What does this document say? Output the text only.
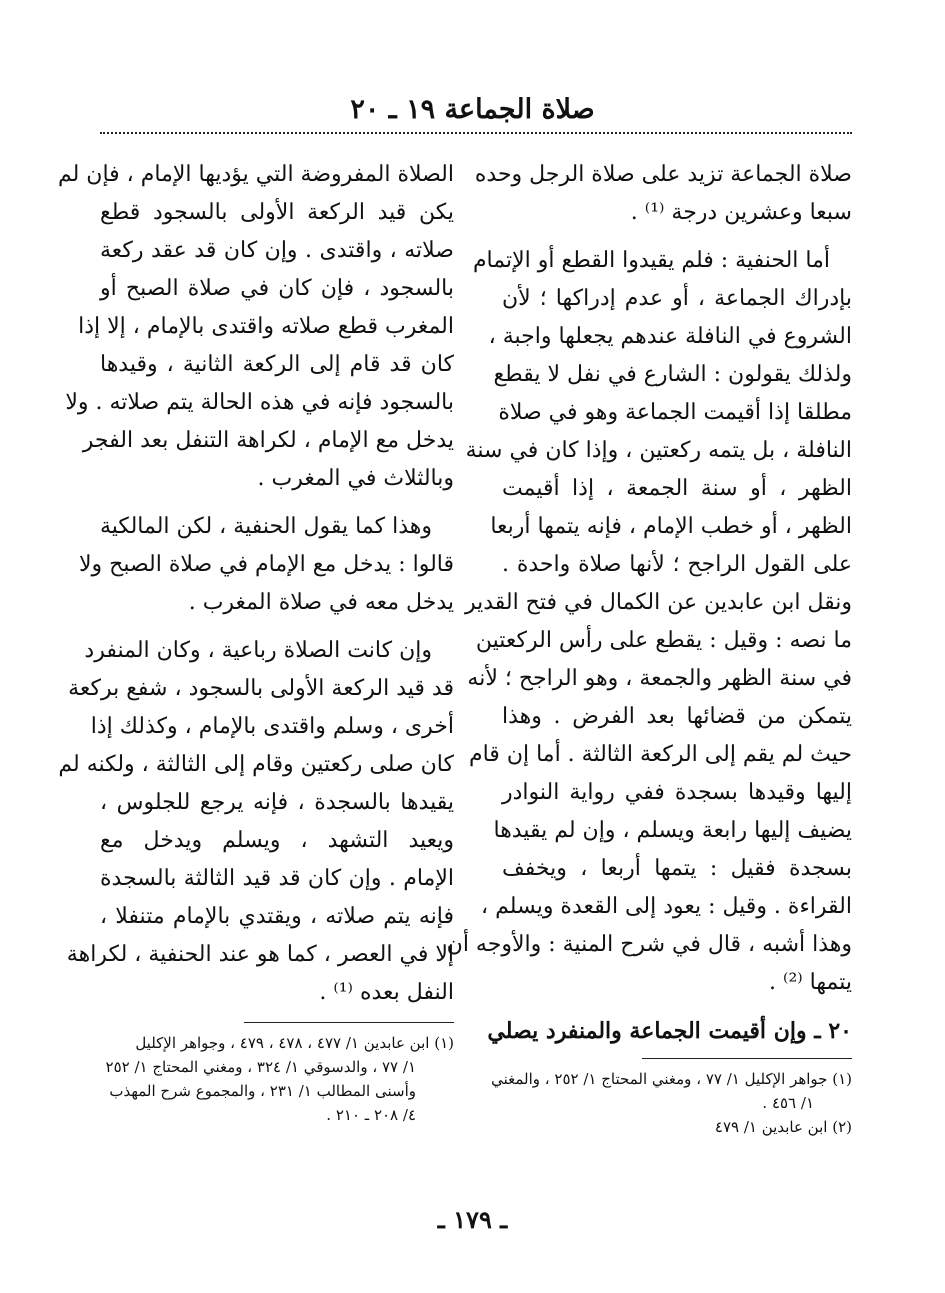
صلاة الجماعة ١٩ ـ ٢٠
صلاة الجماعة تزيد على صلاة الرجل وحده
سبعا وعشرين درجة ⁽¹⁾ .
أما الحنفية : فلم يقيدوا القطع أو الإتمام
بإدراك الجماعة ، أو عدم إدراكها ؛ لأن
الشروع في النافلة عندهم يجعلها واجبة ،
ولذلك يقولون : الشارع في نفل لا يقطع
مطلقا إذا أقيمت الجماعة وهو في صلاة
النافلة ، بل يتمه ركعتين ، وإذا كان في سنة
الظهر ، أو سنة الجمعة ، إذا أقيمت
الظهر ، أو خطب الإمام ، فإنه يتمها أربعا
على القول الراجح ؛ لأنها صلاة واحدة .
ونقل ابن عابدين عن الكمال في فتح القدير
ما نصه : وقيل : يقطع على رأس الركعتين
في سنة الظهر والجمعة ، وهو الراجح ؛ لأنه
يتمكن من قضائها بعد الفرض . وهذا
حيث لم يقم إلى الركعة الثالثة . أما إن قام
إليها وقيدها بسجدة ففي رواية النوادر
يضيف إليها رابعة ويسلم ، وإن لم يقيدها
بسجدة فقيل : يتمها أربعا ، ويخفف
القراءة . وقيل : يعود إلى القعدة ويسلم ،
وهذا أشبه ، قال في شرح المنية : والأوجه أن
يتمها ⁽²⁾ .
٢٠ ـ وإن أقيمت الجماعة والمنفرد يصلي
(١) جواهر الإكليل ١/ ٧٧ ، ومغني المحتاج ١/ ٢٥٢ ، والمغني
١/ ٤٥٦ .
(٢) ابن عابدين ١/ ٤٧٩
الصلاة المفروضة التي يؤديها الإمام ، فإن لم
يكن قيد الركعة الأولى بالسجود قطع
صلاته ، واقتدى . وإن كان قد عقد ركعة
بالسجود ، فإن كان في صلاة الصبح أو
المغرب قطع صلاته واقتدى بالإمام ، إلا إذا
كان قد قام إلى الركعة الثانية ، وقيدها
بالسجود فإنه في هذه الحالة يتم صلاته . ولا
يدخل مع الإمام ، لكراهة التنفل بعد الفجر
وبالثلاث في المغرب .
وهذا كما يقول الحنفية ، لكن المالكية
قالوا : يدخل مع الإمام في صلاة الصبح ولا
يدخل معه في صلاة المغرب .
وإن كانت الصلاة رباعية ، وكان المنفرد
قد قيد الركعة الأولى بالسجود ، شفع بركعة
أخرى ، وسلم واقتدى بالإمام ، وكذلك إذا
كان صلى ركعتين وقام إلى الثالثة ، ولكنه لم
يقيدها بالسجدة ، فإنه يرجع للجلوس ،
ويعيد التشهد ، ويسلم ويدخل مع
الإمام . وإن كان قد قيد الثالثة بالسجدة
فإنه يتم صلاته ، ويقتدي بالإمام متنفلا ،
إلا في العصر ، كما هو عند الحنفية ، لكراهة
النفل بعده ⁽¹⁾ .
(١) ابن عابدين ١/ ٤٧٧ ، ٤٧٨ ، ٤٧٩ ، وجواهر الإكليل
١/ ٧٧ ، والدسوقي ١/ ٣٢٤ ، ومغني المحتاج ١/ ٢٥٢
وأسنى المطالب ١/ ٢٣١ ، والمجموع شرح المهذب
٤/ ٢٠٨ ـ ٢١٠ .
ـ ١٧٩ ـ
